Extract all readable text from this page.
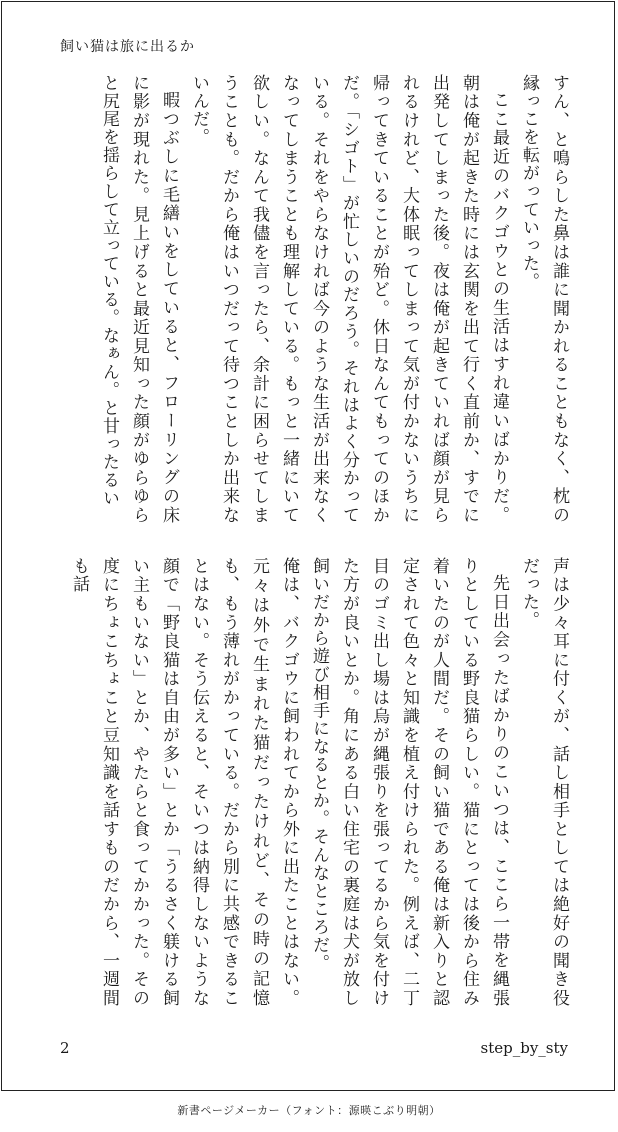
飼い猫は旅に出るか

すん、と鳴らした鼻は誰に聞かれることもなく、枕の縁っこを転がっていった。

ここ最近のバクゴウとの生活はすれ違いばかりだ。朝は俺が起きた時には玄関を出て行く直前か、すでに出発してしまった後。夜は俺が起きていれば顔が見られるけれど、大体眠ってしまって気が付かないうちに帰ってきていることが殆ど。休日なんてもってのほかだ。「シゴト」が忙しいのだろう。それはよく分かっている。それをやらなければ今のような生活が出来なくなってしまうことも理解している。もっと一緒にいて欲しい。なんて我儘を言ったら、余計に困らせてしまうことも。だから俺はいつだって待つことしか出来ないんだ。

暇つぶしに毛繕いをしていると、フローリングの床に影が現れた。見上げると最近見知った顔がゆらゆらと尻尾を揺らして立っている。なぁん。と甘ったるい

声は少々耳に付くが、話し相手としては絶好の聞き役だった。

先日出会ったばかりのこいつは、ここら一帯を縄張りとしている野良猫らしい。猫にとっては後から住み着いたのが人間だ。その飼い猫である俺は新入りと認定されて色々と知識を植え付けられた。例えば、二丁目のゴミ出し場は烏が縄張りを張ってるから気を付けた方が良いとか。角にある白い住宅の裏庭は犬が放し飼いだから遊び相手になるとか。そんなところだ。

俺は、バクゴウに飼われてから外に出たことはない。元々は外で生まれた猫だったけれど、その時の記憶も、もう薄れがかっている。だから別に共感できることはない。そう伝えると、そいつは納得しないような顔で「野良猫は自由が多い」とか「うるさく躾ける飼い主もいない」とか、やたらと食ってかかった。その度にちょこちょこと豆知識を話すものだから、一週間も話

2	step_by_sty
新書ページメーカー（フォント：源暎こぶり明朝）
